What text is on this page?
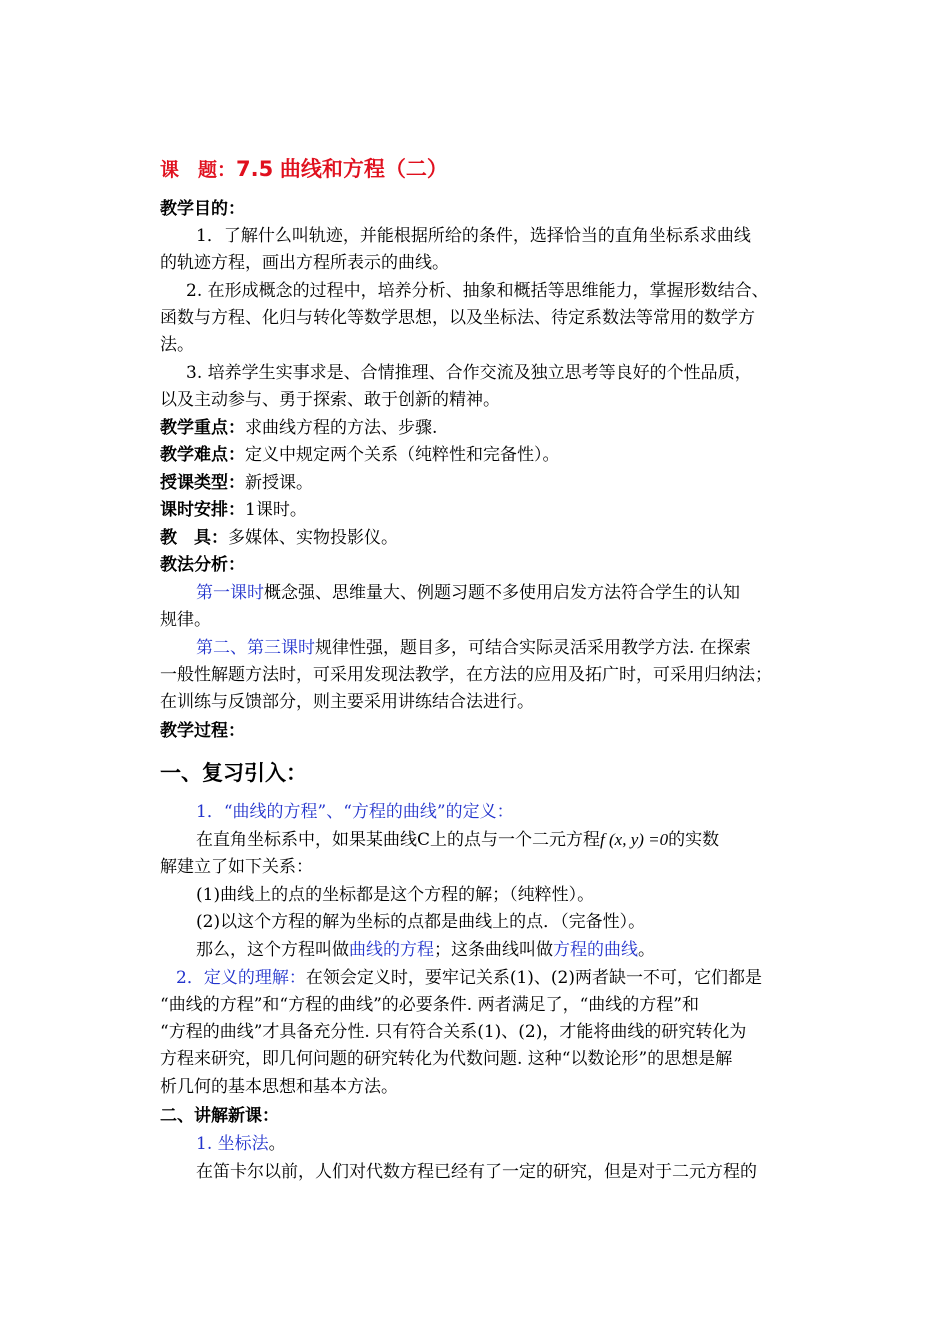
课　题：7.5 曲线和方程（二）
教学目的：
1．了解什么叫轨迹，并能根据所给的条件，选择恰当的直角坐标系求曲线
的轨迹方程，画出方程所表示的曲线。
2. 在形成概念的过程中，培养分析、抽象和概括等思维能力，掌握形数结合、
函数与方程、化归与转化等数学思想，以及坐标法、待定系数法等常用的数学方
法。
3. 培养学生实事求是、合情推理、合作交流及独立思考等良好的个性品质，
以及主动参与、勇于探索、敢于创新的精神。
教学重点：求曲线方程的方法、步骤.
教学难点：定义中规定两个关系（纯粹性和完备性）。
授课类型：新授课。
课时安排：1课时。
教　具：多媒体、实物投影仪。
教法分析：
第一课时概念强、思维量大、例题习题不多使用启发方法符合学生的认知
规律。
第二、第三课时规律性强，题目多，可结合实际灵活采用教学方法. 在探索
一般性解题方法时，可采用发现法教学，在方法的应用及拓广时，可采用归纳法；
在训练与反馈部分，则主要采用讲练结合法进行。
教学过程：
一、复习引入：
1．“曲线的方程”、“方程的曲线”的定义：
在直角坐标系中，如果某曲线C上的点与一个二元方程f (x, y) =0的实数
解建立了如下关系：
(1)曲线上的点的坐标都是这个方程的解；（纯粹性）。
(2)以这个方程的解为坐标的点都是曲线上的点．（完备性）。
那么，这个方程叫做曲线的方程；这条曲线叫做方程的曲线。
2．定义的理解：在领会定义时，要牢记关系(1)、(2)两者缺一不可，它们都是
“曲线的方程”和“方程的曲线”的必要条件. 两者满足了，“曲线的方程”和
“方程的曲线”才具备充分性. 只有符合关系(1)、(2)，才能将曲线的研究转化为
方程来研究，即几何问题的研究转化为代数问题. 这种“以数论形”的思想是解
析几何的基本思想和基本方法。
二、讲解新课：
1. 坐标法。
在笛卡尔以前，人们对代数方程已经有了一定的研究，但是对于二元方程的
